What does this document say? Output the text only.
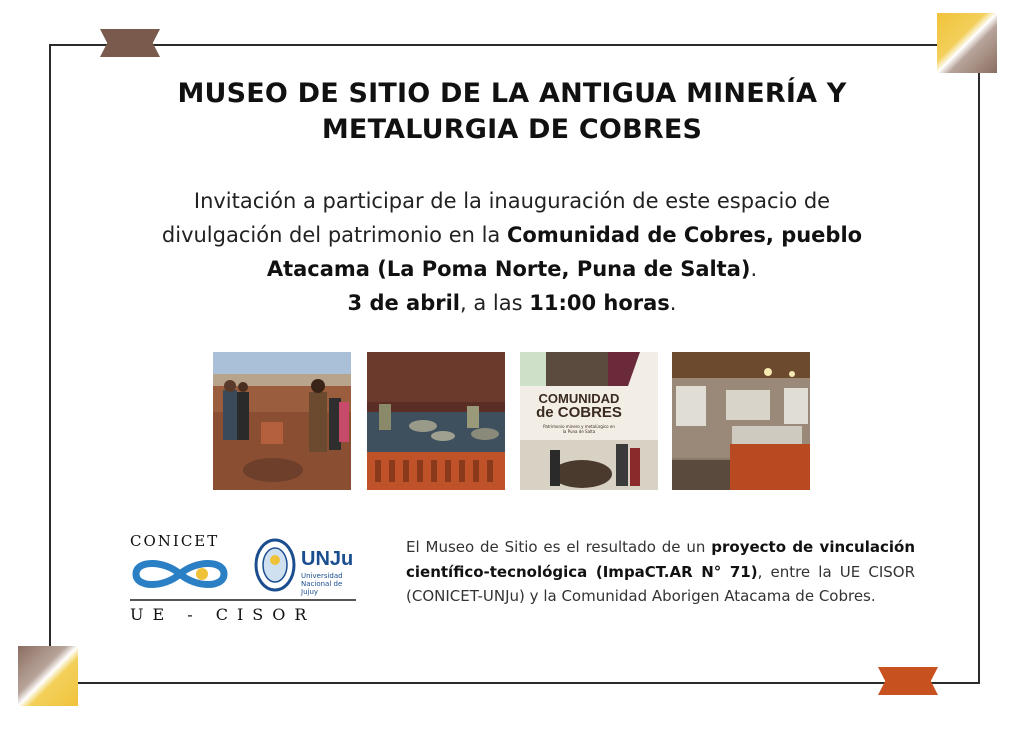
MUSEO DE SITIO DE LA ANTIGUA MINERÍA Y
METALURGIA DE COBRES
Invitación a participar de la inauguración de este espacio de
divulgación del patrimonio en la Comunidad de Cobres, pueblo
Atacama (La Poma Norte, Puna de Salta).
3 de abril, a las 11:00 horas.
COMUNIDAD
de COBRES
Patrimonio minero y metalúrgico en la Puna de Salta
CONICET
UNJu
Universidad Nacional de Jujuy
UE - CISOR
El Museo de Sitio es el resultado de un proyecto de vinculación científico-tecnológica (ImpaCT.AR N° 71), entre la UE CISOR (CONICET-UNJu) y la Comunidad Aborigen Atacama de Cobres.
